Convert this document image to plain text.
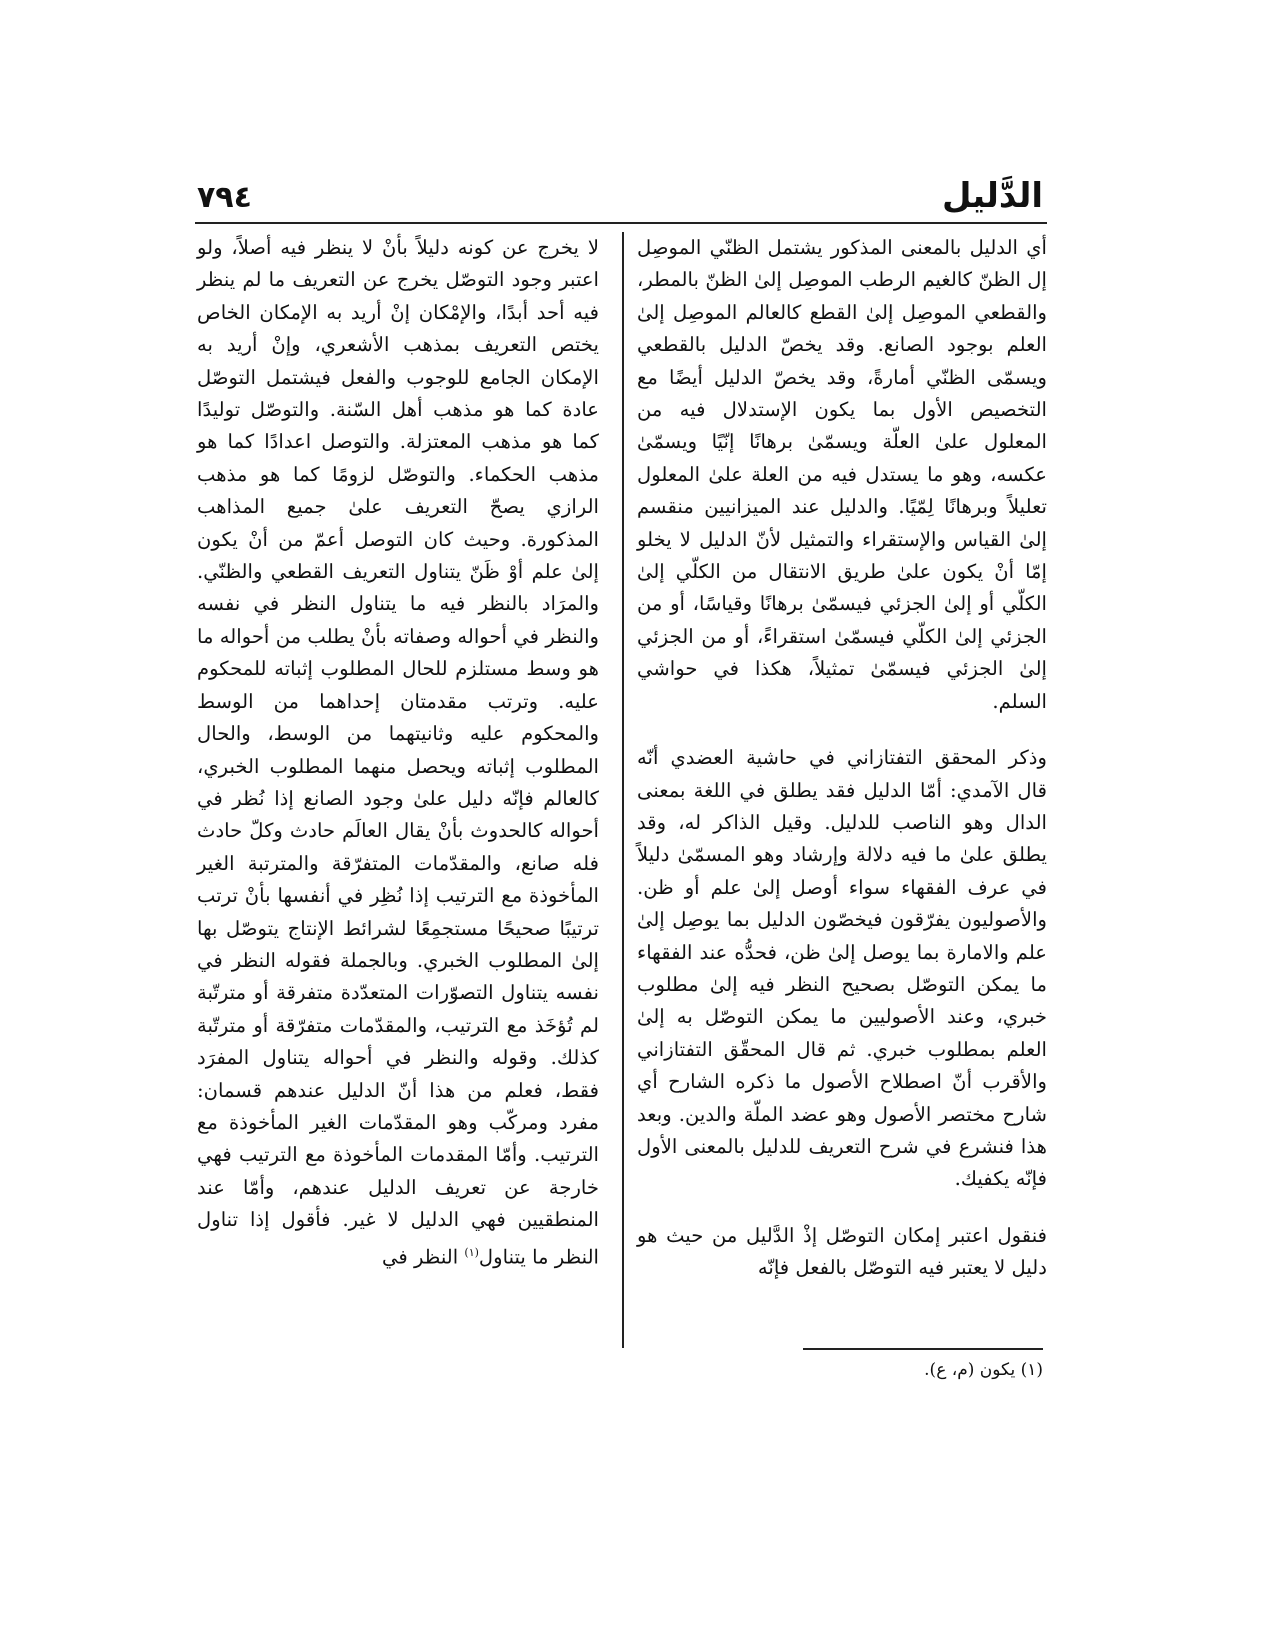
الدَّليل
٧٩٤

أي الدليل بالمعنى المذكور يشتمل الظنّي الموصِل إل الظنّ كالغيم الرطب الموصِل إلىٰ الظنّ بالمطر، والقطعي الموصِل إلىٰ القطع كالعالم الموصِل إلىٰ العلم بوجود الصانع. وقد يخصّ الدليل بالقطعي ويسمّى الظنّي أمارةً، وقد يخصّ الدليل أيضًا مع التخصيص الأول بما يكون الإستدلال فيه من المعلول علىٰ العلّة ويسمّىٰ برهانًا إنّيًا ويسمّىٰ عكسه، وهو ما يستدل فيه من العلة علىٰ المعلول تعليلاً وبرهانًا لِمّيًا. والدليل عند الميزانيين منقسم إلىٰ القياس والإستقراء والتمثيل لأنّ الدليل لا يخلو إمّا أنْ يكون علىٰ طريق الانتقال من الكلّي إلىٰ الكلّي أو إلىٰ الجزئي فيسمّىٰ برهانًا وقياسًا، أو من الجزئي إلىٰ الكلّي فيسمّىٰ استقراءً، أو من الجزئي إلىٰ الجزئي فيسمّىٰ تمثيلاً، هكذا في حواشي السلم.

وذكر المحقق التفتازاني في حاشية العضدي أنّه قال الآمدي: أمّا الدليل فقد يطلق في اللغة بمعنى الدال وهو الناصب للدليل. وقيل الذاكر له، وقد يطلق علىٰ ما فيه دلالة وإرشاد وهو المسمّىٰ دليلاً في عرف الفقهاء سواء أوصل إلىٰ علم أو ظن. والأصوليون يفرّقون فيخصّون الدليل بما يوصِل إلىٰ علم والامارة بما يوصل إلىٰ ظن، فحدُّه عند الفقهاء ما يمكن التوصّل بصحيح النظر فيه إلىٰ مطلوب خبري، وعند الأصوليين ما يمكن التوصّل به إلىٰ العلم بمطلوب خبري. ثم قال المحقّق التفتازاني والأقرب أنّ اصطلاح الأصول ما ذكره الشارح أي شارح مختصر الأصول وهو عضد الملّة والدين. وبعد هذا فنشرع في شرح التعريف للدليل بالمعنى الأول فإنّه يكفيك.

فنقول اعتبر إمكان التوصّل إذْ الدَّليل من حيث هو دليل لا يعتبر فيه التوصّل بالفعل فإنّه

لا يخرج عن كونه دليلاً بأنْ لا ينظر فيه أصلاً، ولو اعتبر وجود التوصّل يخرج عن التعريف ما لم ينظر فيه أحد أبدًا، والإمْكان إنْ أريد به الإمكان الخاص يختص التعريف بمذهب الأشعري، وإنْ أريد به الإمكان الجامع للوجوب والفعل فيشتمل التوصّل عادة كما هو مذهب أهل السّنة. والتوصّل توليدًا كما هو مذهب المعتزلة. والتوصل اعدادًا كما هو مذهب الحكماء. والتوصّل لزومًا كما هو مذهب الرازي يصحّ التعريف علىٰ جميع المذاهب المذكورة. وحيث كان التوصل أعمّ من أنْ يكون إلىٰ علم أوْ ظَنّ يتناول التعريف القطعي والظنّي. والمرَاد بالنظر فيه ما يتناول النظر في نفسه والنظر في أحواله وصفاته بأنْ يطلب من أحواله ما هو وسط مستلزم للحال المطلوب إثباته للمحكوم عليه. وترتب مقدمتان إحداهما من الوسط والمحكوم عليه وثانيتهما من الوسط، والحال المطلوب إثباته ويحصل منهما المطلوب الخبري، كالعالم فإنّه دليل علىٰ وجود الصانع إذا نُظر في أحواله كالحدوث بأنْ يقال العالَم حادث وكلّ حادث فله صانع، والمقدّمات المتفرّقة والمترتبة الغير المأخوذة مع الترتيب إذا نُظِر في أنفسها بأنْ ترتب ترتيبًا صحيحًا مستجمِعًا لشرائط الإنتاج يتوصّل بها إلىٰ المطلوب الخبري. وبالجملة فقوله النظر في نفسه يتناول التصوّرات المتعدّدة متفرقة أو مترتّبة لم تُؤخَذ مع الترتيب، والمقدّمات متفرّقة أو مترتّبة كذلك. وقوله والنظر في أحواله يتناول المفرَد فقط، فعلم من هذا أنّ الدليل عندهم قسمان: مفرد ومركّب وهو المقدّمات الغير المأخوذة مع الترتيب. وأمّا المقدمات المأخوذة مع الترتيب فهي خارجة عن تعريف الدليل عندهم، وأمّا عند المنطقيين فهي الدليل لا غير. فأقول إذا تناول النظر ما يتناول$^{(١)}$ النظر في

(١) يكون (م، ع).
